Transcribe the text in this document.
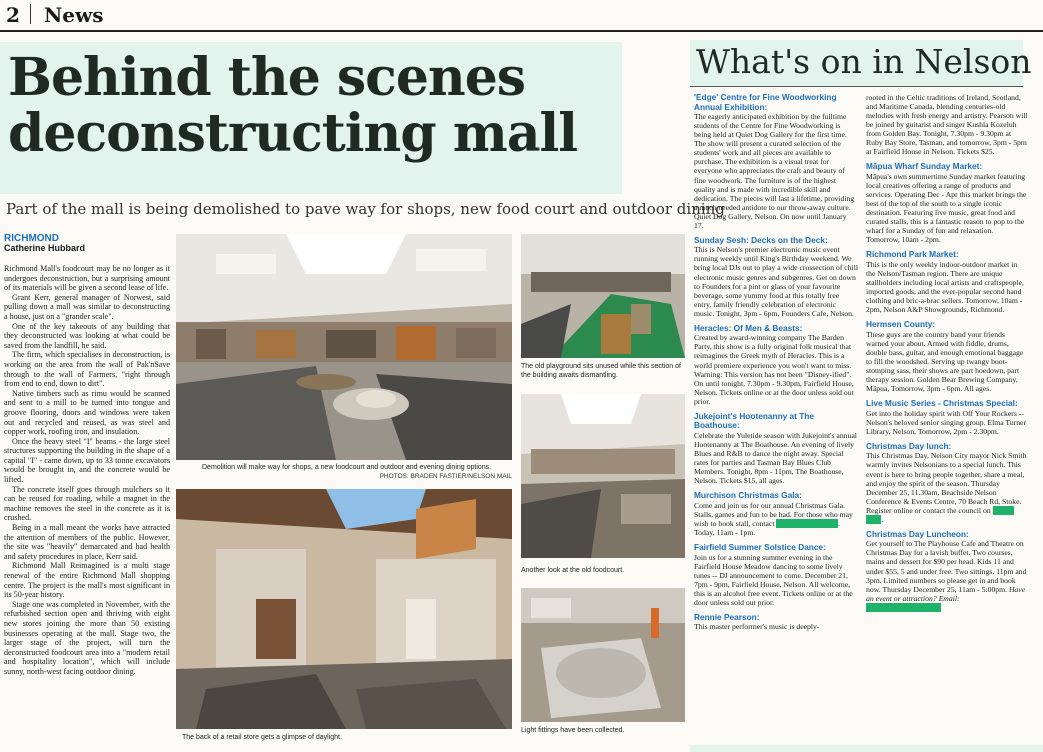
2 News
Behind the scenes
deconstructing mall
Part of the mall is being demolished to pave way for shops, new food court and outdoor dining
RICHMOND
Catherine Hubbard

Richmond Mall's foodcourt may be no longer as it undergoes deconstruction, but a surprising amount of its materials will be given a second lease of life.

Grant Kerr, general manager of Norwest, said pulling down a mall was similar to deconstructing a house, just on a "grander scale".

One of the key takeouts of any building that they deconstructed was looking at what could be saved from the landfill, he said.

The firm, which specialises in deconstruction, is working on the area from the wall of Pak'nSave through to the wall of Farmers, "right through from end to end, down to dirt".

Native timbers such as rimu would be scanned and sent to a mill to be turned into tongue and groove flooring, doors and windows were taken out and recycled and reused, as was steel and copper work, roofing iron, and insulation.

Once the heavy steel "I" beams - the large steel structures supporting the building in the shape of a capital "I" - came down, up to 33 tonne excavators would be brought in, and the concrete would be lifted.

The concrete itself goes through mulchers so it can be reused for roading, while a magnet in the machine removes the steel in the concrete as it is crushed.

Being in a mall meant the works have attracted the attention of members of the public. However, the site was "heavily" demarcated and had health and safety procedures in place, Kerr said.

Richmond Mall Reimagined is a multi stage renewal of the entire Richmond Mall shopping centre. The project is the mall's most significant in its 50-year history.

Stage one was completed in November, with the refurbished section open and thriving with eight new stores joining the more than 50 existing businesses operating at the mall. Stage two, the larger stage of the project, will turn the deconstructed foodcourt area into a "modern retail and hospitality location", which will include sunny, north-west facing outdoor dining.

Demolition will make way for shops, a new foodcourt and outdoor and evening dining options.
PHOTOS: BRADEN FASTIER/NELSON MAIL
The back of a retail store gets a glimpse of daylight.
The old playground sits unused while this section of the building awaits dismantling.
Another look at the old foodcourt.
Light fittings have been collected.
What's on in Nelson
'Edge' Centre for Fine Woodworking Annual Exhibition:
The eagerly anticipated exhibition by the fulltime students of the Centre for Fine Woodworking is being held at Quiet Dog Gallery for the first time. The show will present a curated selection of the students' work and all pieces are available to purchase. The exhibition is a visual treat for everyone who appreciates the craft and beauty of fine woodwork. The furniture is of the highest quality and is made with incredible skill and dedication. The pieces will last a lifetime, providing a much needed antidote to our throw-away culture. Quiet Dog Gallery, Nelson. On now until January 17.
Sunday Sesh: Decks on the Deck:
This is Nelson's premier electronic music event running weekly until King's Birthday weekend. We bring local DJs out to play a wide crossection of chill electronic music genres and subgenres. Get on down to Founders for a pint or glass of your favourite beverage, some yummy food at this totally free entry, family friendly celebration of electronic music. Tonight, 3pm - 6pm, Founders Cafe, Nelson.
Heracles: Of Men & Beasts:
Created by award-winning company The Barden Party, this show is a fully original folk musical that reimagines the Greek myth of Heracles. This is a world premiere experience you won't want to miss. Warning: This version has not been "Disney-ified". On until tonight, 7.30pm - 9.30pm, Fairfield House, Nelson. Tickets online or at the door unless sold out prior.
Jukejoint's Hootenanny at The Boathouse:
Celebrate the Yuletide season with Jukejoint's annual Hootenanny at The Boathouse. An evening of lively Blues and R&B to dance the night away. Special rates for parties and Tasman Bay Blues Club Members. Tonight, 8pm - 11pm, The Boathouse, Nelson. Tickets $15, all ages.
Murchison Christmas Gala:
Come and join us for our annual Christmas Gala. Stalls, games and fun to be had. For those who may wish to book stall, contact gala@murchison.nz. Today, 11am - 1pm.
Fairfield Summer Solstice Dance:
Join us for a stunning summer evening in the Fairfield House Meadow dancing to some lively tunes -- DJ announcement to come. December 21, 7pm - 9pm, Fairfield House, Nelson. All welcome, this is an alcohol free event. Tickets online or at the door unless sold out prior.
Rennie Pearson:
This master performer's music is deeply-
rooted in the Celtic traditions of Ireland, Scotland, and Maritime Canada, blending centuries-old melodies with fresh energy and artistry. Pearson will be joined by guitarist and singer Kushla Kozeluh from Golden Bay. Tonight, 7.30pm - 9.30pm at Ruby Bay Store, Tasman, and tomorrow, 3pm - 5pm at Fairfield House in Nelson. Tickets $25.
Māpua Wharf Sunday Market:
Māpua's own summertime Sunday market featuring local creatives offering a range of products and services. Operating Dec - Apr this market brings the best of the top of the south to a single iconic destination. Featuring live music, great food and curated stalls, this is a fantastic reason to pop to the wharf for a Sunday of fun and relaxation. Tomorrow, 10am - 2pm.
Richmond Park Market:
This is the only weekly indoor-outdoor market in the Nelson/Tasman region. There are unique stallholders including local artists and craftspeople, imported goods, and the ever-popular second hand clothing and bric-a-brac sellers. Tomorrow, 10am - 2pm, Nelson A&P Showgrounds, Richmond.
Hermsen County:
These guys are the country band your friends warned your about. Armed with fiddle, drums, double bass, guitar, and enough emotional baggage to fill the woodshed. Serving up twangy boot-stomping sass, their shows are part hoedown, part therapy session. Golden Bear Brewing Company, Māpua, Tomorrow, 3pm - 6pm. All ages.
Live Music Series - Christmas Special:
Get into the holiday spirit with Off Your Rockers -- Nelson's beloved senior singing group. Elma Turner Library, Nelson, Tomorrow, 2pm - 2.30pm.
Christmas Day lunch:
This Christmas Day, Nelson City mayor Nick Smith warmly invites Nelsonians to a special lunch. This event is here to bring people together, share a meal, and enjoy the spirit of the season. Thursday December 25, 11.30am, Beachside Nelson Conference & Events Centre, 70 Beach Rd, Stoke. Register online or contact the council on 03 546 0200.
Christmas Day Luncheon:
Get yourself to The Playhouse Cafe and Theatre on Christmas Day for a lavish buffet. Two courses, mains and dessert for $90 per head. Kids 11 and under $55, 5 and under free. Two sittings, 11pm and 3pm. Limited numbers so please get in and book now. Thursday December 25, 11am - 5:00pm. Have an event or attraction? Email: news@nelsonmail.co.nz
